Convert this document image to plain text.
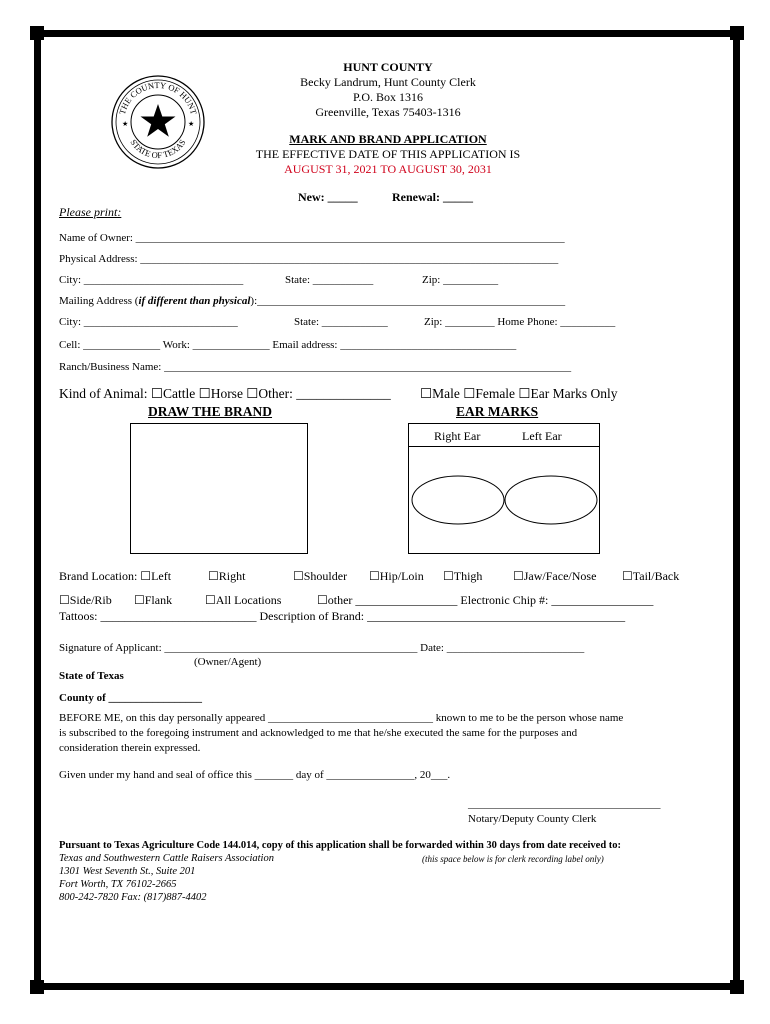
THE COUNTY OF HUNT
STATE OF TEXAS
★	★
HUNT COUNTY
Becky Landrum, Hunt County Clerk
P.O. Box 1316
Greenville, Texas 75403-1316
MARK AND BRAND APPLICATION
THE EFFECTIVE DATE OF THIS APPLICATION IS
AUGUST 31, 2021 TO AUGUST 30, 2031
New: _____	Renewal: _____
Please print:
Name of Owner: ______________________________________________________________________________
Physical Address: ____________________________________________________________________________
City: _____________________________	State: ___________	Zip: __________
Mailing Address (if different than physical):________________________________________________________
City: ____________________________	State: ____________	Zip: _________ Home Phone: __________
Cell: ______________ Work: ______________ Email address: ________________________________
Ranch/Business Name: __________________________________________________________________________
Kind of Animal: ☐Cattle ☐Horse ☐Other: ______________ ☐Male ☐Female ☐Ear Marks Only
DRAW THE BRAND	EAR MARKS
Right Ear	Left Ear
Brand Location: ☐Left	☐Right	☐Shoulder ☐Hip/Loin ☐Thigh	☐Jaw/Face/Nose ☐Tail/Back
☐Side/Rib ☐Flank	☐All Locations	☐other _________________ Electronic Chip #: _________________
Tattoos: __________________________ Description of Brand: ___________________________________________
Signature of Applicant: ______________________________________________ Date: _________________________
(Owner/Agent)
State of Texas
County of _________________
BEFORE ME, on this day personally appeared ______________________________ known to me to be the person whose name
is subscribed to the foregoing instrument and acknowledged to me that he/she executed the same for the purposes and
consideration therein expressed.
Given under my hand and seal of office this _______ day of ________________, 20___.
___________________________________
Notary/Deputy County Clerk
Pursuant to Texas Agriculture Code 144.014, copy of this application shall be forwarded within 30 days from date received to:
Texas and Southwestern Cattle Raisers Association	(this space below is for clerk recording label only)
1301 West Seventh St., Suite 201
Fort Worth, TX 76102-2665
800-242-7820 Fax: (817)887-4402
